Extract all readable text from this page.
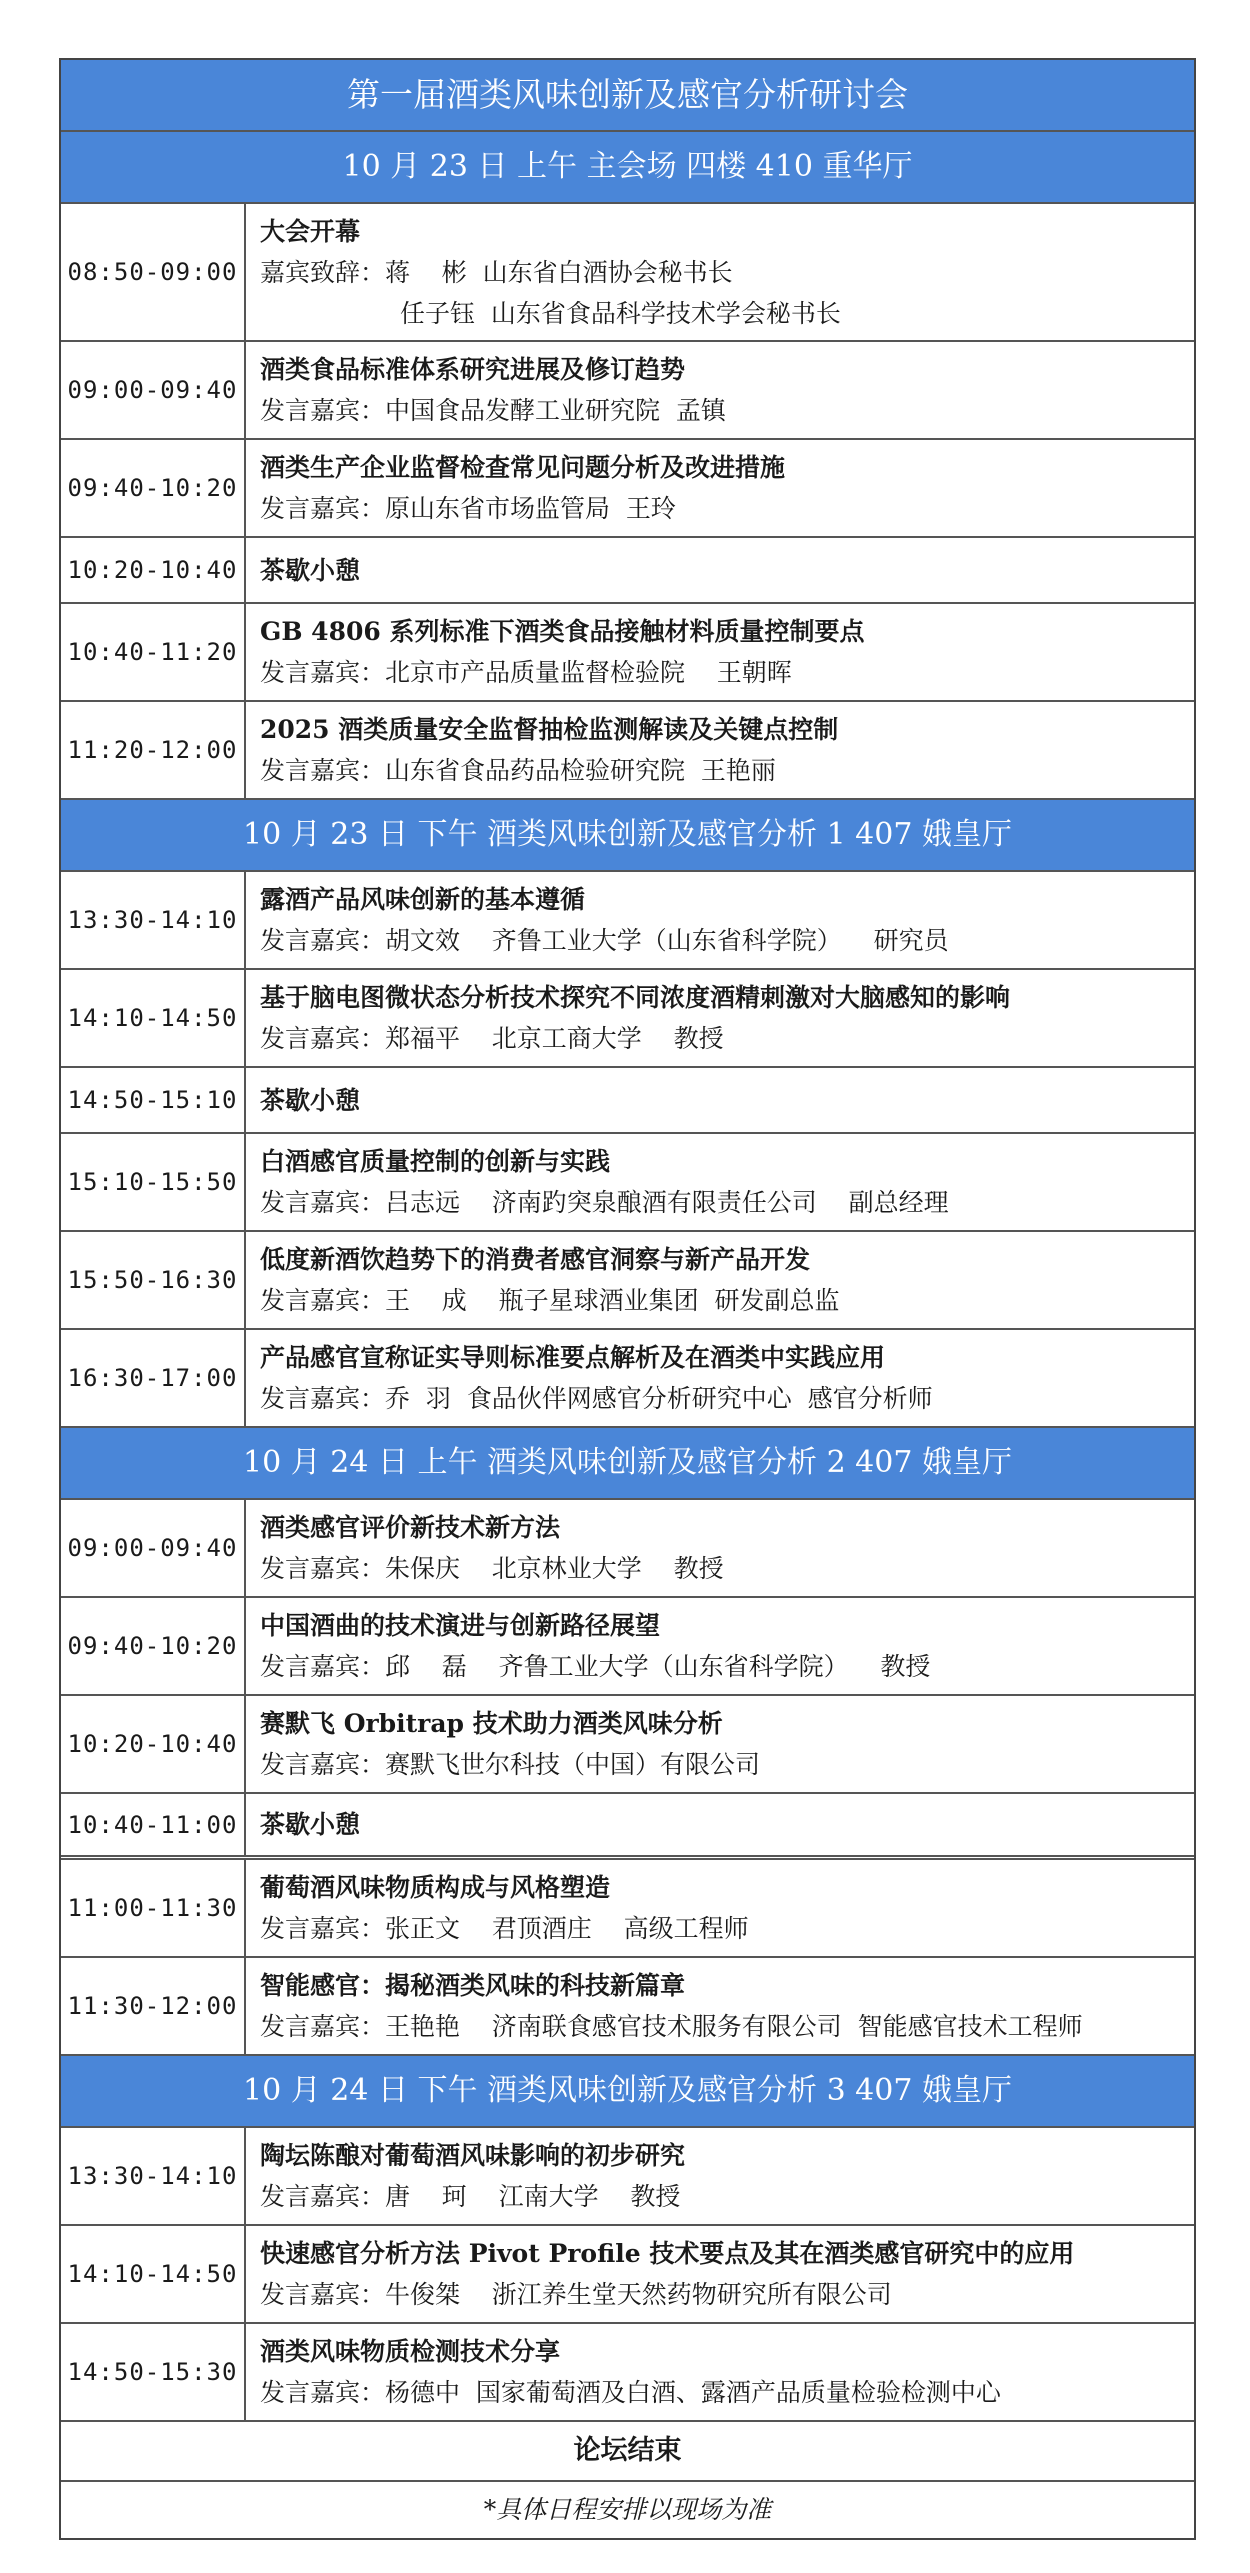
第一届酒类风味创新及感官分析研讨会
10 月 23 日 上午 主会场 四楼 410 重华厅
08:50-09:00
大会开幕
嘉宾致辞：蒋    彬  山东省白酒协会秘书长
任子钰  山东省食品科学技术学会秘书长
09:00-09:40
酒类食品标准体系研究进展及修订趋势
发言嘉宾：中国食品发酵工业研究院  孟镇
09:40-10:20
酒类生产企业监督检查常见问题分析及改进措施
发言嘉宾：原山东省市场监管局  王玲
10:20-10:40 茶歇小憩
10:40-11:20
GB 4806 系列标准下酒类食品接触材料质量控制要点
发言嘉宾：北京市产品质量监督检验院    王朝晖
11:20-12:00
2025 酒类质量安全监督抽检监测解读及关键点控制
发言嘉宾：山东省食品药品检验研究院  王艳丽
10 月 23 日 下午 酒类风味创新及感官分析 1 407 娥皇厅
13:30-14:10
露酒产品风味创新的基本遵循
发言嘉宾：胡文效    齐鲁工业大学（山东省科学院）    研究员
14:10-14:50
基于脑电图微状态分析技术探究不同浓度酒精刺激对大脑感知的影响
发言嘉宾：郑福平    北京工商大学    教授
14:50-15:10 茶歇小憩
15:10-15:50
白酒感官质量控制的创新与实践
发言嘉宾：吕志远    济南趵突泉酿酒有限责任公司    副总经理
15:50-16:30
低度新酒饮趋势下的消费者感官洞察与新产品开发
发言嘉宾：王    成    瓶子星球酒业集团  研发副总监
16:30-17:00
产品感官宣称证实导则标准要点解析及在酒类中实践应用
发言嘉宾：乔  羽  食品伙伴网感官分析研究中心  感官分析师
10 月 24 日 上午 酒类风味创新及感官分析 2 407 娥皇厅
09:00-09:40
酒类感官评价新技术新方法
发言嘉宾：朱保庆    北京林业大学    教授
09:40-10:20
中国酒曲的技术演进与创新路径展望
发言嘉宾：邱    磊    齐鲁工业大学（山东省科学院）    教授
10:20-10:40
赛默飞 Orbitrap 技术助力酒类风味分析
发言嘉宾：赛默飞世尔科技（中国）有限公司
10:40-11:00 茶歇小憩
11:00-11:30
葡萄酒风味物质构成与风格塑造
发言嘉宾：张正文    君顶酒庄    高级工程师
11:30-12:00
智能感官：揭秘酒类风味的科技新篇章
发言嘉宾：王艳艳    济南联食感官技术服务有限公司  智能感官技术工程师
10 月 24 日 下午 酒类风味创新及感官分析 3 407 娥皇厅
13:30-14:10
陶坛陈酿对葡萄酒风味影响的初步研究
发言嘉宾：唐    珂    江南大学    教授
14:10-14:50
快速感官分析方法 Pivot Profile 技术要点及其在酒类感官研究中的应用
发言嘉宾：牛俊桀    浙江养生堂天然药物研究所有限公司
14:50-15:30
酒类风味物质检测技术分享
发言嘉宾：杨德中  国家葡萄酒及白酒、露酒产品质量检验检测中心
论坛结束
*具体日程安排以现场为准
